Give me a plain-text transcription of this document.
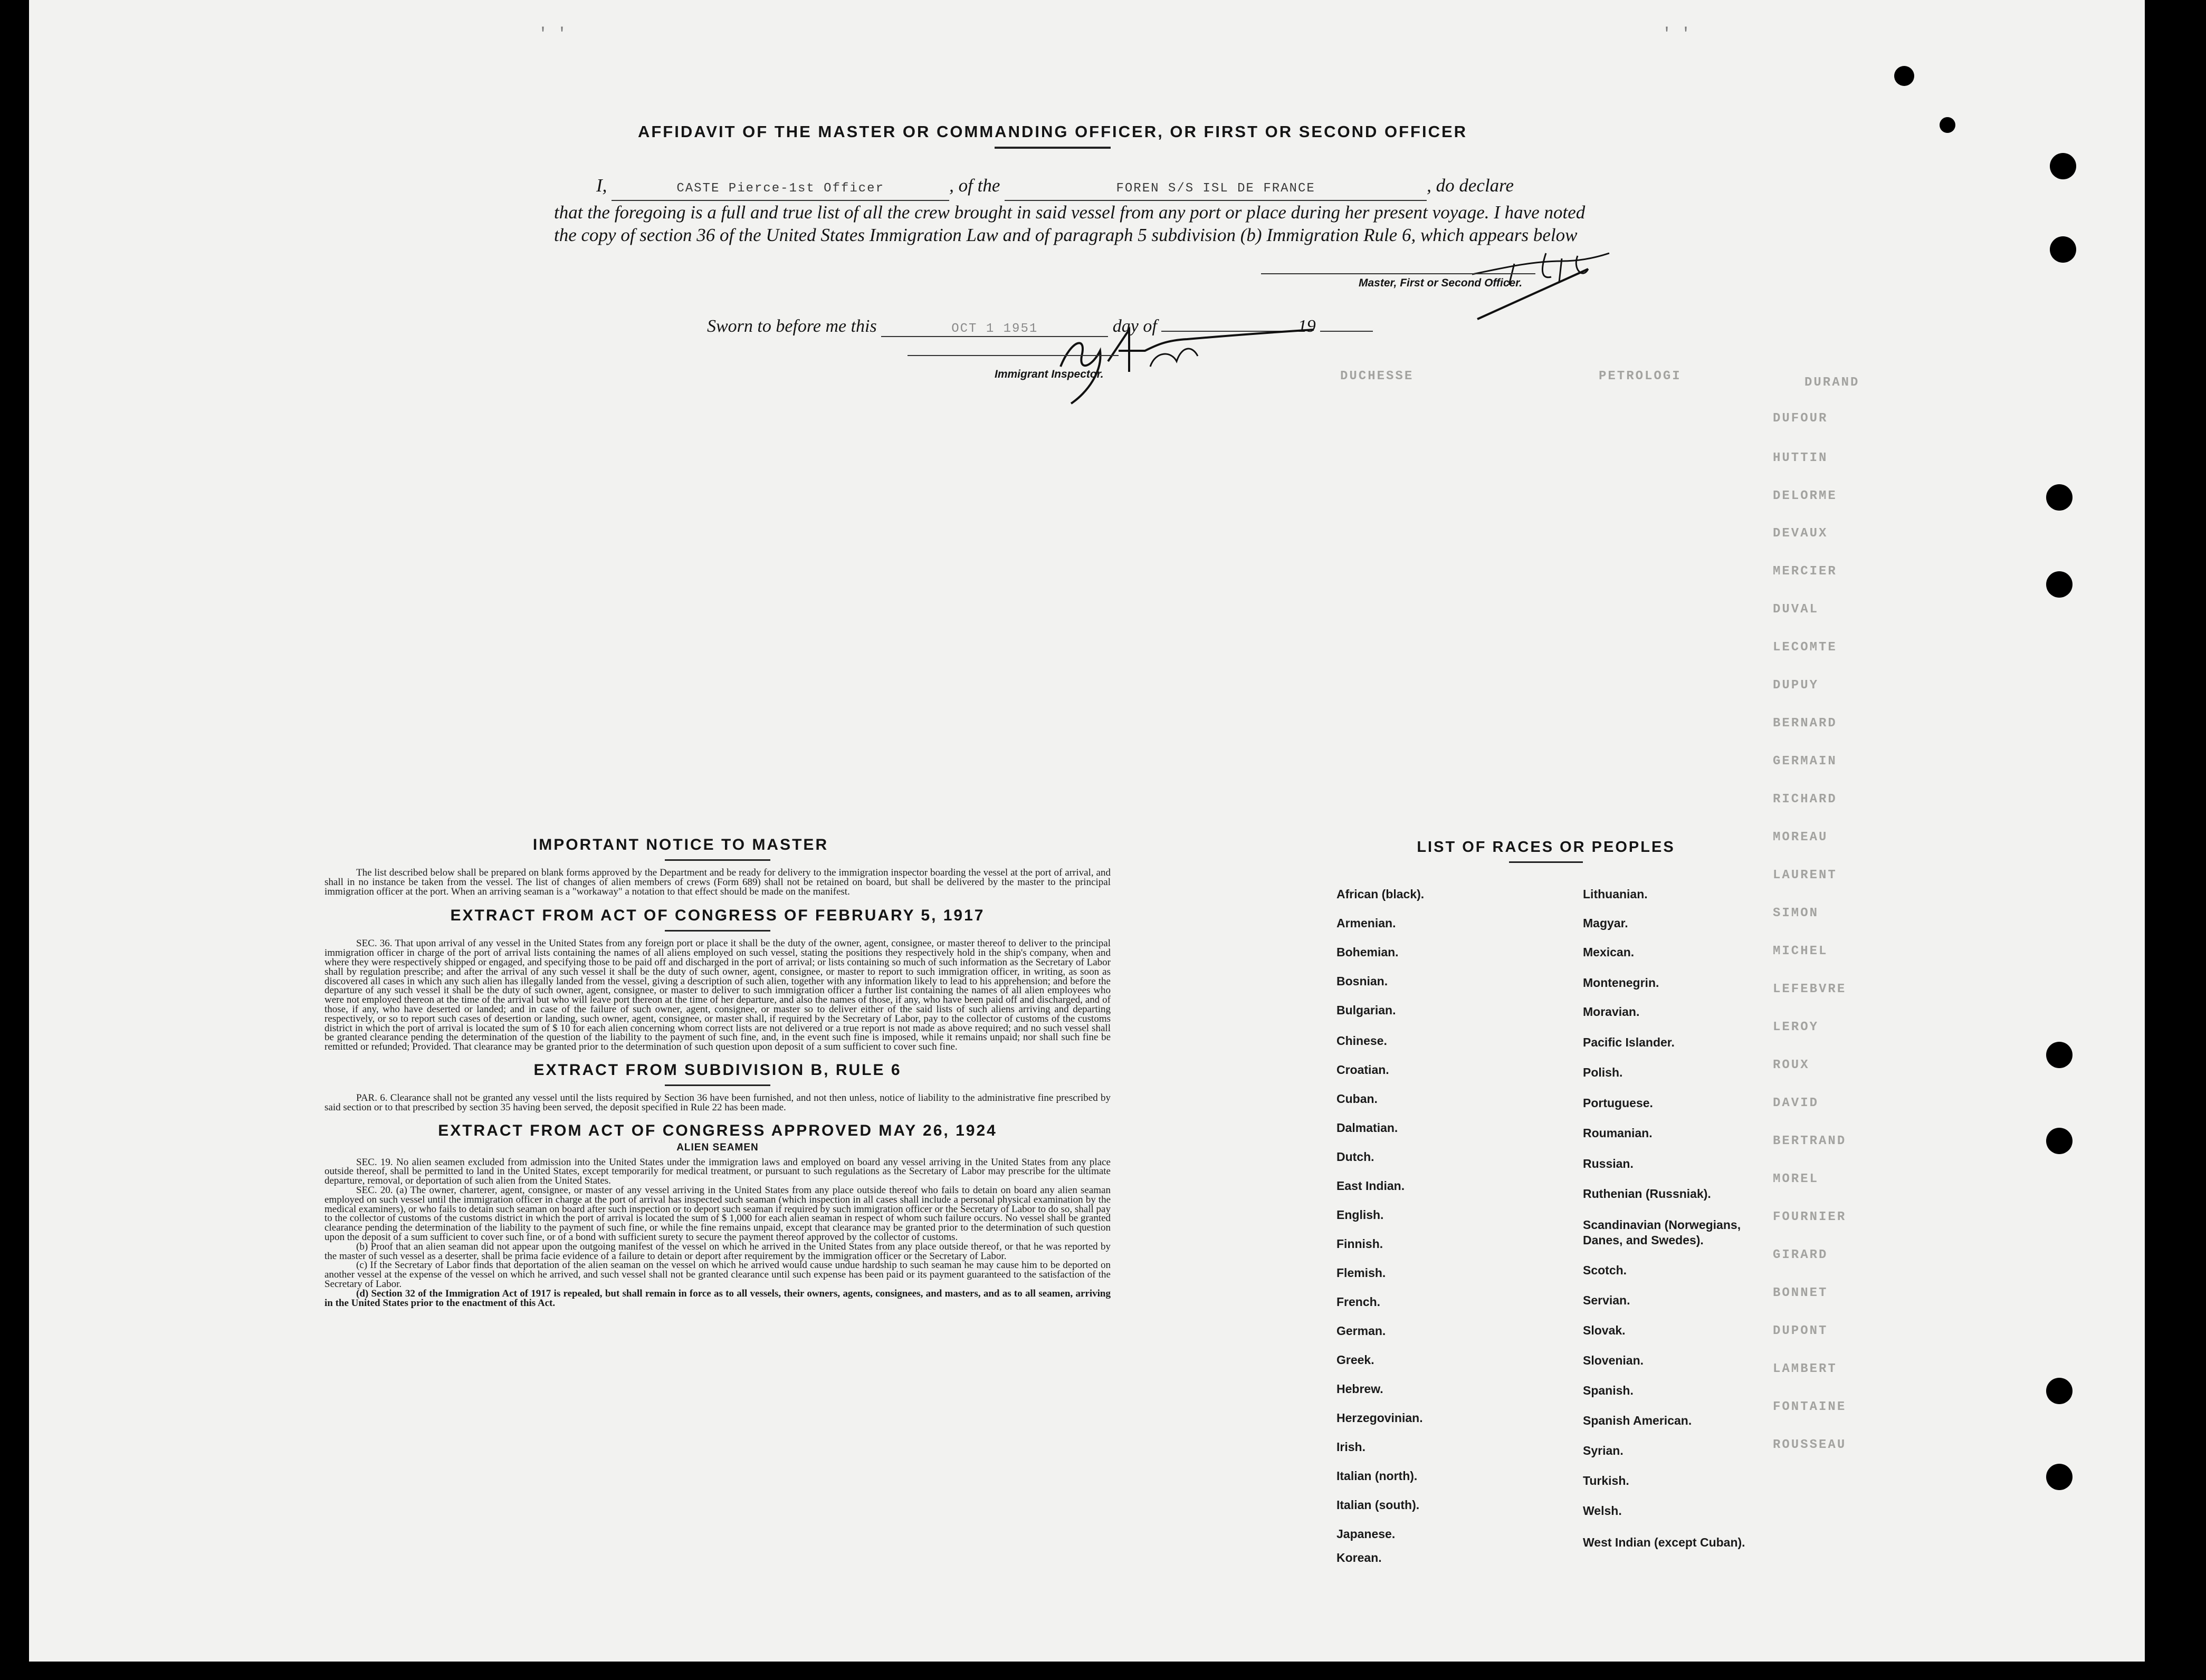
' '	' '
DUCHESSE	PETROLOGI	DURAND
DUFOUR
HUTTIN
DELORME
DEVAUX
MERCIER
DUVAL
LECOMTE
DUPUY
BERNARD
GERMAIN
RICHARD
MOREAU
LAURENT
SIMON
MICHEL
LEFEBVRE
LEROY
ROUX
DAVID
BERTRAND
MOREL
FOURNIER
GIRARD
BONNET
DUPONT
LAMBERT
FONTAINE
ROUSSEAU
AFFIDAVIT OF THE MASTER OR COMMANDING OFFICER, OR FIRST OR SECOND OFFICER
I,	CASTE Pierce-1st Officer	, of the	FOREN S/S ISL DE FRANCE	, do declare
that the foregoing is a full and true list of all the crew brought in said vessel from any port or place during her present voyage. I have noted the copy of section 36 of the United States Immigration Law and of paragraph 5 subdivision (b) Immigration Rule 6, which appears below
Master, First or Second Officer.
Sworn to before me this	OCT 1 1951	day of	19
Immigrant Inspector.
IMPORTANT NOTICE TO MASTER
The list described below shall be prepared on blank forms approved by the Department and be ready for delivery to the immigration inspector boarding the vessel at the port of arrival, and shall in no instance be taken from the vessel. The list of changes of alien members of crews (Form 689) shall not be retained on board, but shall be delivered by the master to the principal immigration officer at the port. When an arriving seaman is a "workaway" a notation to that effect should be made on the manifest.
EXTRACT FROM ACT OF CONGRESS OF FEBRUARY 5, 1917
SEC. 36. That upon arrival of any vessel in the United States from any foreign port or place it shall be the duty of the owner, agent, consignee, or master thereof to deliver to the principal immigration officer in charge of the port of arrival lists containing the names of all aliens employed on such vessel, stating the positions they respectively hold in the ship's company, when and where they were respectively shipped or engaged, and specifying those to be paid off and discharged in the port of arrival; or lists containing so much of such information as the Secretary of Labor shall by regulation prescribe; and after the arrival of any such vessel it shall be the duty of such owner, agent, consignee, or master to report to such immigration officer, in writing, as soon as discovered all cases in which any such alien has illegally landed from the vessel, giving a description of such alien, together with any information likely to lead to his apprehension; and before the departure of any such vessel it shall be the duty of such owner, agent, consignee, or master to deliver to such immigration officer a further list containing the names of all alien employees who were not employed thereon at the time of the arrival but who will leave port thereon at the time of her departure, and also the names of those, if any, who have been paid off and discharged, and of those, if any, who have deserted or landed; and in case of the failure of such owner, agent, consignee, or master so to deliver either of the said lists of such aliens arriving and departing respectively, or so to report such cases of desertion or landing, such owner, agent, consignee, or master shall, if required by the Secretary of Labor, pay to the collector of customs of the customs district in which the port of arrival is located the sum of $ 10 for each alien concerning whom correct lists are not delivered or a true report is not made as above required; and no such vessel shall be granted clearance pending the determination of the question of the liability to the payment of such fine, and, in the event such fine is imposed, while it remains unpaid; nor shall such fine be remitted or refunded; Provided. That clearance may be granted prior to the determination of such question upon deposit of a sum sufficient to cover such fine.
EXTRACT FROM SUBDIVISION B, RULE 6
PAR. 6. Clearance shall not be granted any vessel until the lists required by Section 36 have been furnished, and not then unless, notice of liability to the administrative fine prescribed by said section or to that prescribed by section 35 having been served, the deposit specified in Rule 22 has been made.
EXTRACT FROM ACT OF CONGRESS APPROVED MAY 26, 1924
ALIEN SEAMEN
SEC. 19. No alien seamen excluded from admission into the United States under the immigration laws and employed on board any vessel arriving in the United States from any place outside thereof, shall be permitted to land in the United States, except temporarily for medical treatment, or pursuant to such regulations as the Secretary of Labor may prescribe for the ultimate departure, removal, or deportation of such alien from the United States.
SEC. 20. (a) The owner, charterer, agent, consignee, or master of any vessel arriving in the United States from any place outside thereof who fails to detain on board any alien seaman employed on such vessel until the immigration officer in charge at the port of arrival has inspected such seaman (which inspection in all cases shall include a personal physical examination by the medical examiners), or who fails to detain such seaman on board after such inspection or to deport such seaman if required by such immigration officer or the Secretary of Labor to do so, shall pay to the collector of customs of the customs district in which the port of arrival is located the sum of $ 1,000 for each alien seaman in respect of whom such failure occurs. No vessel shall be granted clearance pending the determination of the liability to the payment of such fine, or while the fine remains unpaid, except that clearance may be granted prior to the determination of such question upon the deposit of a sum sufficient to cover such fine, or of a bond with sufficient surety to secure the payment thereof approved by the collector of customs.
(b) Proof that an alien seaman did not appear upon the outgoing manifest of the vessel on which he arrived in the United States from any place outside thereof, or that he was reported by the master of such vessel as a deserter, shall be prima facie evidence of a failure to detain or deport after requirement by the immigration officer or the Secretary of Labor.
(c) If the Secretary of Labor finds that deportation of the alien seaman on the vessel on which he arrived would cause undue hardship to such seaman he may cause him to be deported on another vessel at the expense of the vessel on which he arrived, and such vessel shall not be granted clearance until such expense has been paid or its payment guaranteed to the satisfaction of the Secretary of Labor.
(d) Section 32 of the Immigration Act of 1917 is repealed, but shall remain in force as to all vessels, their owners, agents, consignees, and masters, and as to all seamen, arriving in the United States prior to the enactment of this Act.
LIST OF RACES OR PEOPLES
African (black).
Armenian.
Bohemian.
Bosnian.
Bulgarian.
Chinese.
Croatian.
Cuban.
Dalmatian.
Dutch.
East Indian.
English.
Finnish.
Flemish.
French.
German.
Greek.
Hebrew.
Herzegovinian.
Irish.
Italian (north).
Italian (south).
Japanese.
Korean.
Lithuanian.
Magyar.
Mexican.
Montenegrin.
Moravian.
Pacific Islander.
Polish.
Portuguese.
Roumanian.
Russian.
Ruthenian (Russniak).
Scandinavian (Norwegians, Danes, and Swedes).
Scotch.
Servian.
Slovak.
Slovenian.
Spanish.
Spanish American.
Syrian.
Turkish.
Welsh.
West Indian (except Cuban).
